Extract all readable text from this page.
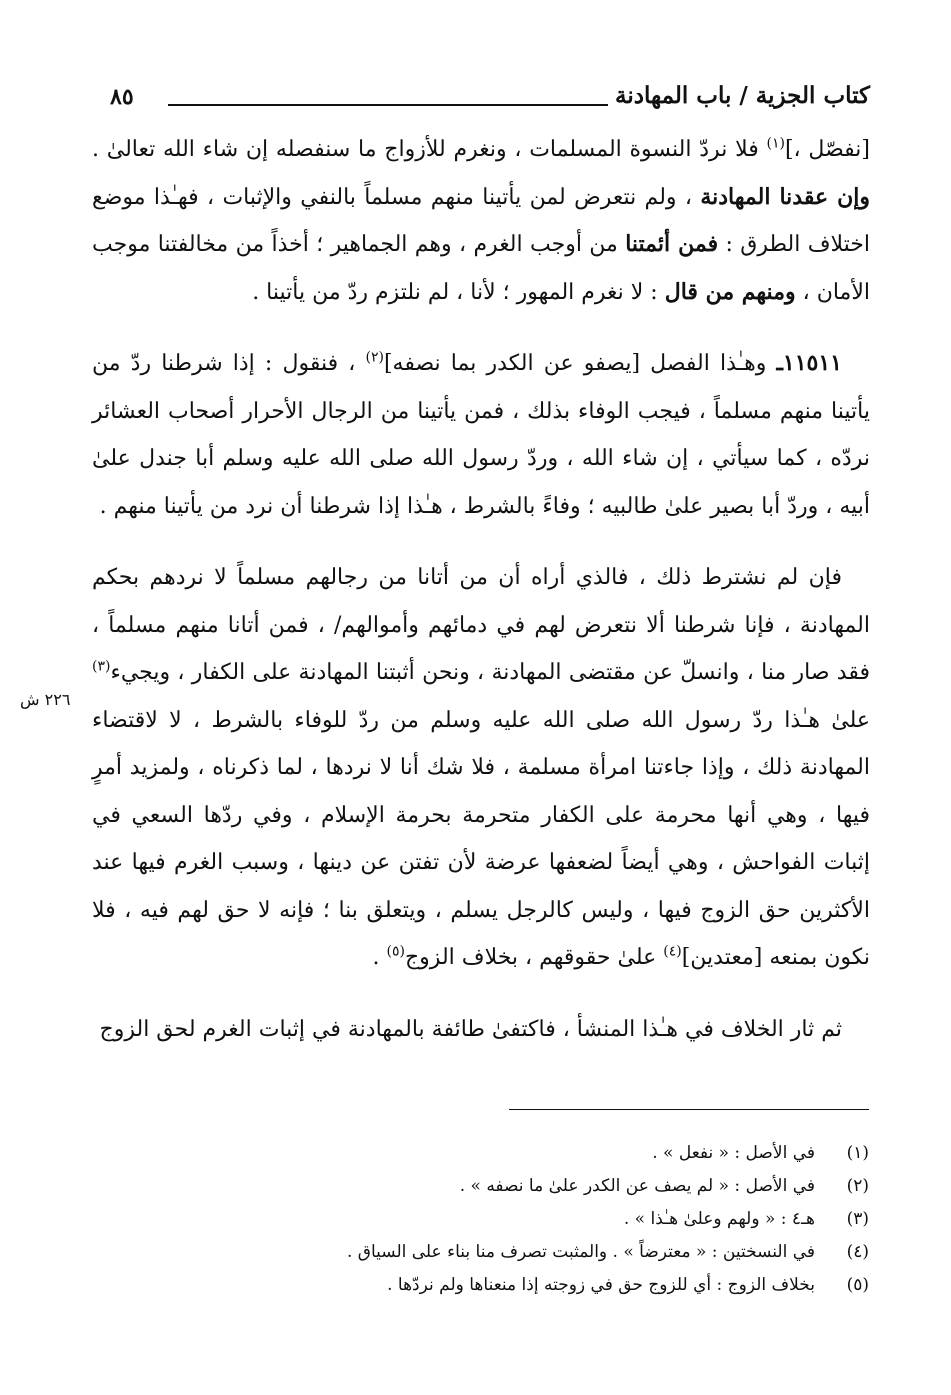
كتاب الجزية / باب المهادنة
٨٥
٢٢٦ ش

[نفصّل ،]$^{(١)}$ فلا نردّ النسوة المسلمات ، ونغرم للأزواج ما سنفصله إن شاء الله تعالىٰ . وإن عقدنا المهادنة ، ولم نتعرض لمن يأتينا منهم مسلماً بالنفي والإثبات ، فهـٰذا موضع اختلاف الطرق : فمن أئمتنا من أوجب الغرم ، وهم الجماهير ؛ أخذاً من مخالفتنا موجب الأمان ، ومنهم من قال : لا نغرم المهور ؛ لأنا ، لم نلتزم ردّ من يأتينا .

١١٥١١ـ وهـٰذا الفصل [يصفو عن الكدر بما نصفه]$^{(٢)}$ ، فنقول : إذا شرطنا ردّ من يأتينا منهم مسلماً ، فيجب الوفاء بذلك ، فمن يأتينا من الرجال الأحرار أصحاب العشائر نردّه ، كما سيأتي ، إن شاء الله ، وردّ رسول الله صلى الله عليه وسلم أبا جندل علىٰ أبيه ، وردّ أبا بصير علىٰ طالبيه ؛ وفاءً بالشرط ، هـٰذا إذا شرطنا أن نرد من يأتينا منهم .

فإن لم نشترط ذلك ، فالذي أراه أن من أتانا من رجالهم مسلماً لا نردهم بحكم المهادنة ، فإنا شرطنا ألا نتعرض لهم في دمائهم وأموالهم/ ، فمن أتانا منهم مسلماً ، فقد صار منا ، وانسلّ عن مقتضى المهادنة ، ونحن أثبتنا المهادنة على الكفار ، ويجيء$^{(٣)}$ علىٰ هـٰذا ردّ رسول الله صلى الله عليه وسلم من ردّ للوفاء بالشرط ، لا لاقتضاء المهادنة ذلك ، وإذا جاءتنا امرأة مسلمة ، فلا شك أنا لا نردها ، لما ذكرناه ، ولمزيد أمرٍ فيها ، وهي أنها محرمة على الكفار متحرمة بحرمة الإسلام ، وفي ردّها السعي في إثبات الفواحش ، وهي أيضاً لضعفها عرضة لأن تفتن عن دينها ، وسبب الغرم فيها عند الأكثرين حق الزوج فيها ، وليس كالرجل يسلم ، ويتعلق بنا ؛ فإنه لا حق لهم فيه ، فلا نكون بمنعه [معتدين]$^{(٤)}$ علىٰ حقوقهم ، بخلاف الزوج$^{(٥)}$ .

ثم ثار الخلاف في هـٰذا المنشأ ، فاكتفىٰ طائفة بالمهادنة في إثبات الغرم لحق الزوج

(١)
في الأصل : « نفعل » .
(٢)
في الأصل : « لم يصف عن الكدر علىٰ ما نصفه » .
(٣)
هـ٤ : « ولهم وعلىٰ هـٰذا » .
(٤)
في النسختين : « معترضاً » . والمثبت تصرف منا بناء على السياق .
(٥)
بخلاف الزوج : أي للزوج حق في زوجته إذا منعناها ولم نردّها .
